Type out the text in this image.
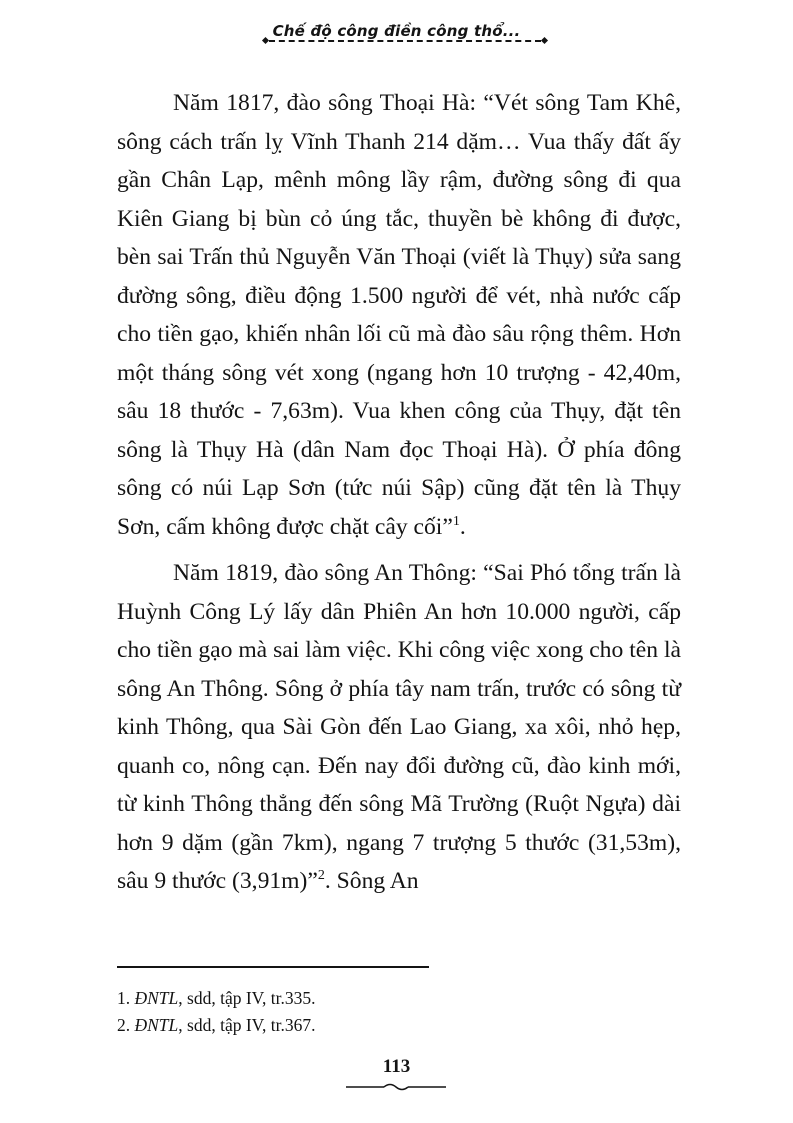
Chế độ công điền công thổ...

Năm 1817, đào sông Thoại Hà: “Vét sông Tam Khê, sông cách trấn lỵ Vĩnh Thanh 214 dặm… Vua thấy đất ấy gần Chân Lạp, mênh mông lầy rậm, đường sông đi qua Kiên Giang bị bùn cỏ úng tắc, thuyền bè không đi được, bèn sai Trấn thủ Nguyễn Văn Thoại (viết là Thụy) sửa sang đường sông, điều động 1.500 người để vét, nhà nước cấp cho tiền gạo, khiến nhân lối cũ mà đào sâu rộng thêm. Hơn một tháng sông vét xong (ngang hơn 10 trượng - 42,40m, sâu 18 thước - 7,63m). Vua khen công của Thụy, đặt tên sông là Thụy Hà (dân Nam đọc Thoại Hà). Ở phía đông sông có núi Lạp Sơn (tức núi Sập) cũng đặt tên là Thụy Sơn, cấm không được chặt cây cối”$^1$.

Năm 1819, đào sông An Thông: “Sai Phó tổng trấn là Huỳnh Công Lý lấy dân Phiên An hơn 10.000 người, cấp cho tiền gạo mà sai làm việc. Khi công việc xong cho tên là sông An Thông. Sông ở phía tây nam trấn, trước có sông từ kinh Thông, qua Sài Gòn đến Lao Giang, xa xôi, nhỏ hẹp, quanh co, nông cạn. Đến nay đổi đường cũ, đào kinh mới, từ kinh Thông thẳng đến sông Mã Trường (Ruột Ngựa) dài hơn 9 dặm (gần 7km), ngang 7 trượng 5 thước (31,53m), sâu 9 thước (3,91m)”$^2$. Sông An

1. ĐNTL, sdd, tập IV, tr.335.
2. ĐNTL, sdd, tập IV, tr.367.
113
